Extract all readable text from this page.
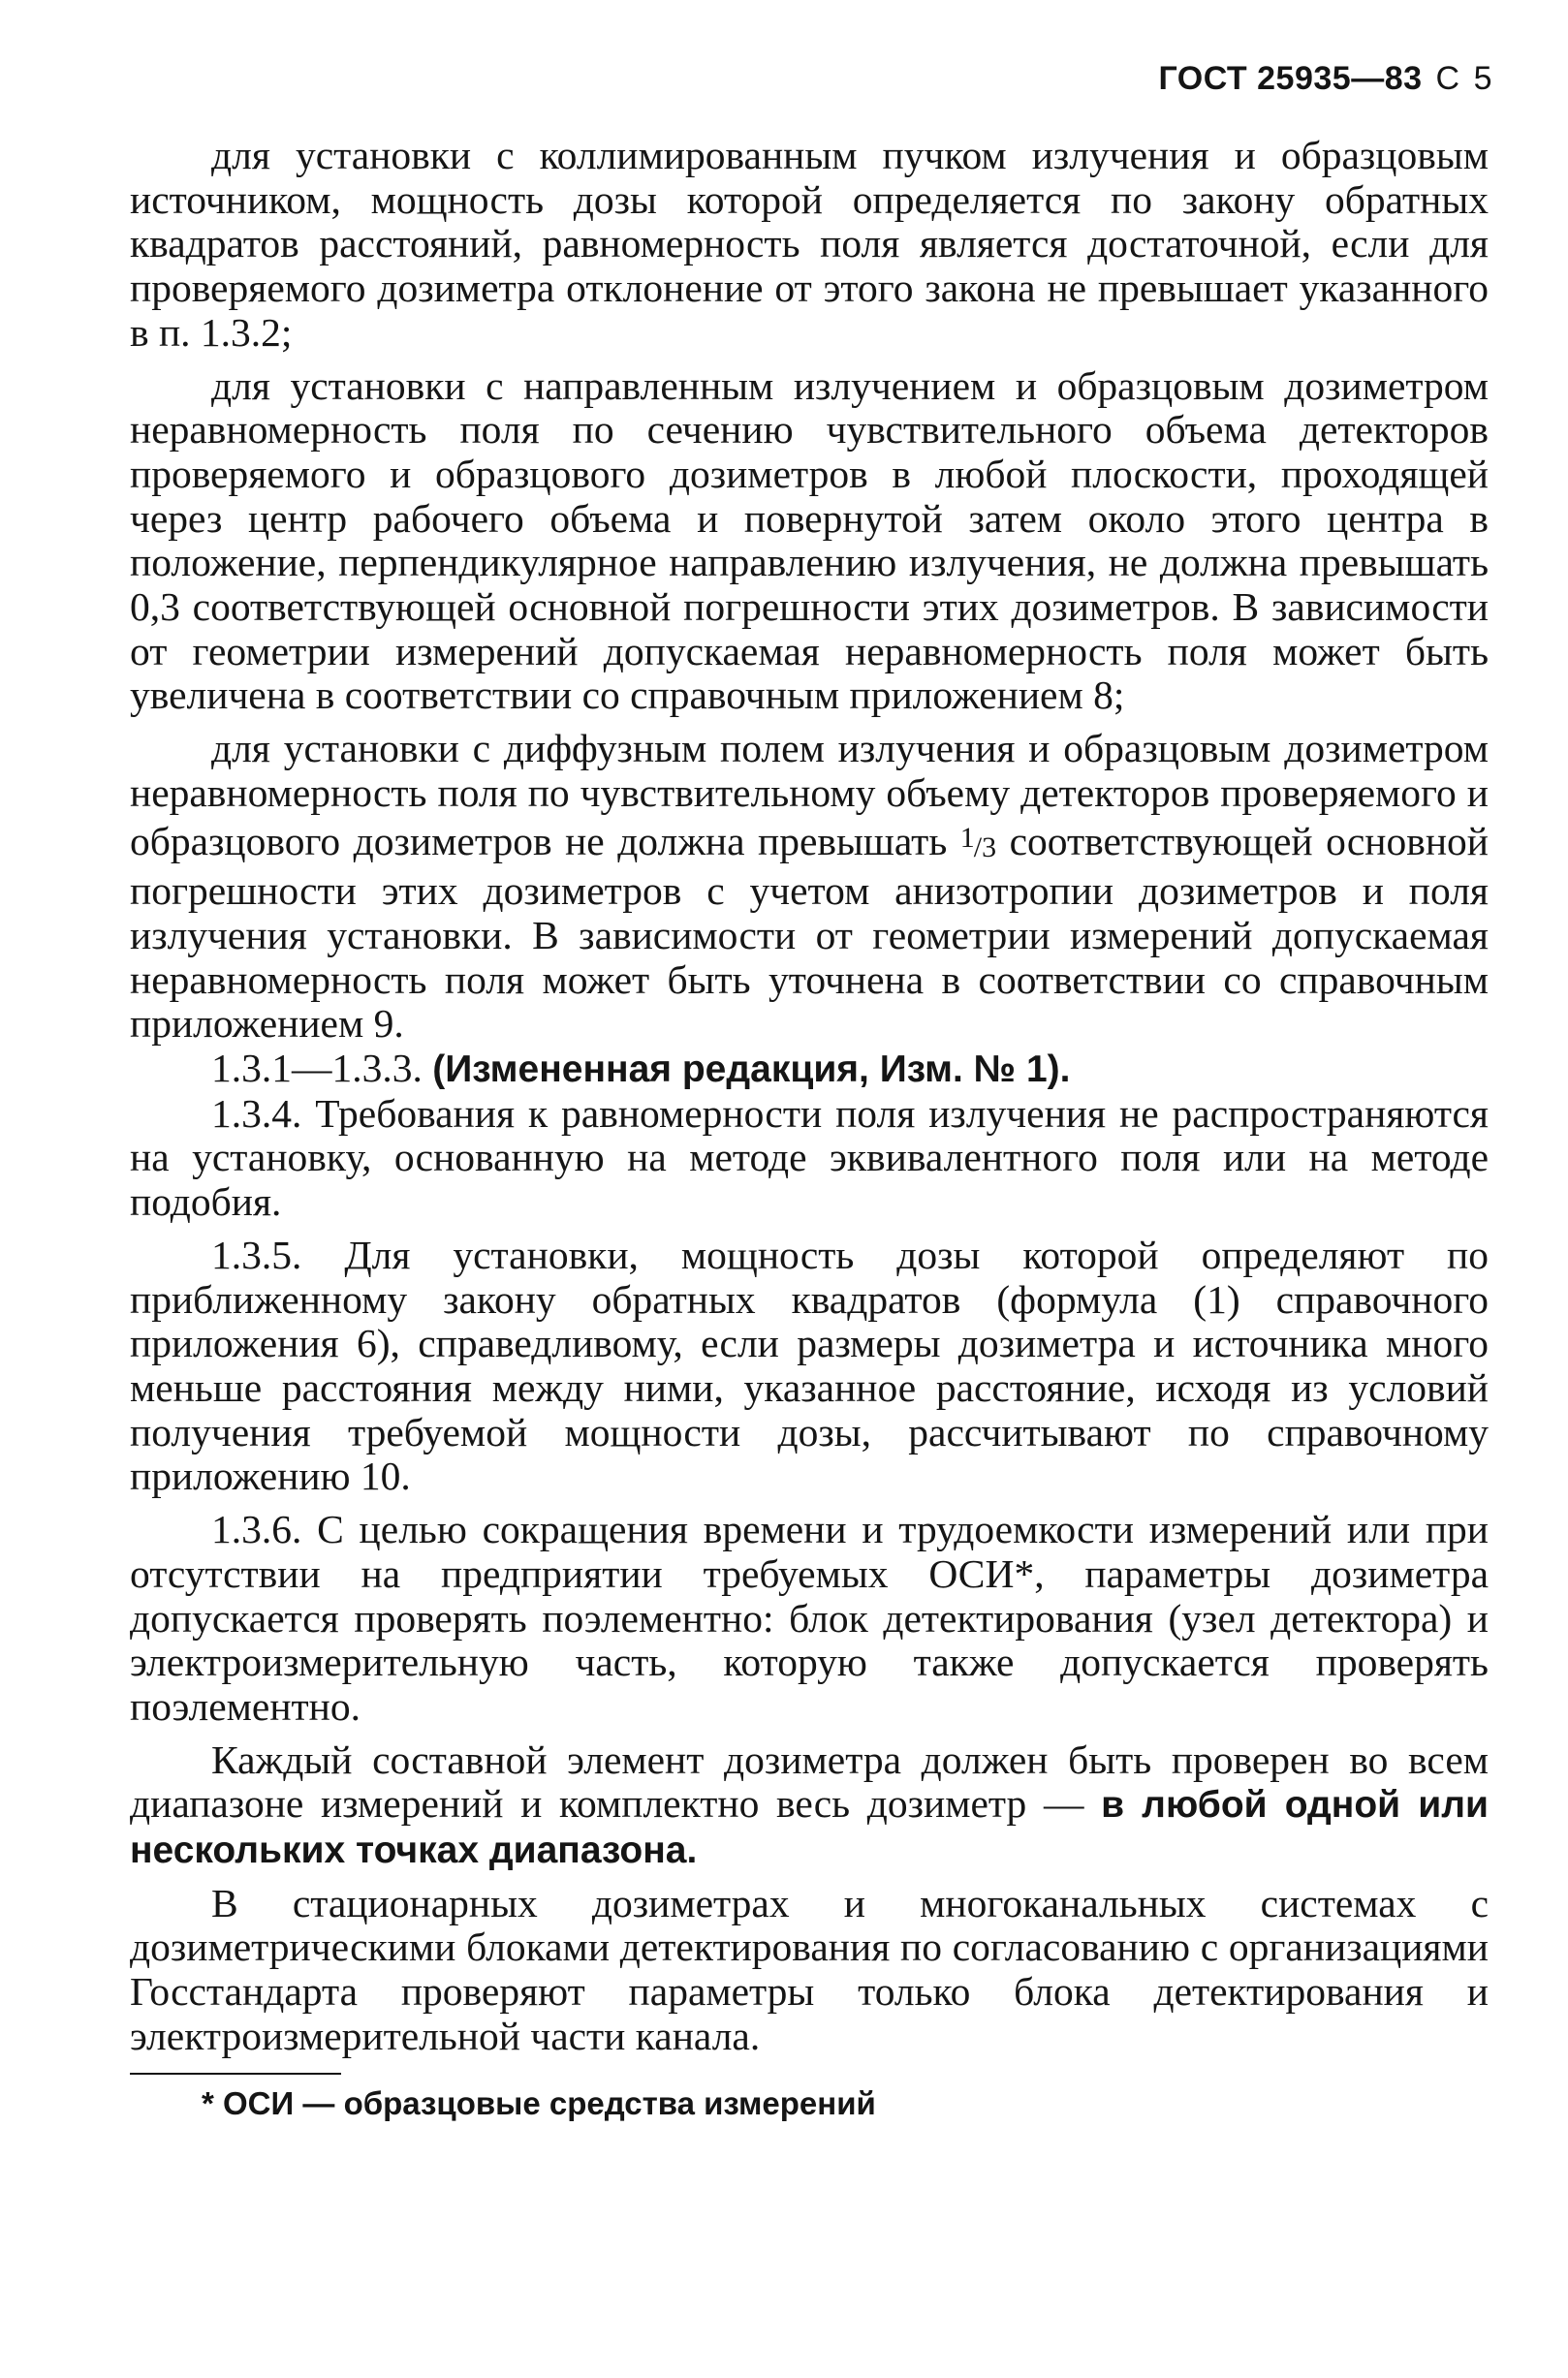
ГОСТ 25935—83 С 5

для установки с коллимированным пучком излучения и образцовым источником, мощность дозы которой определяется по закону обратных квадратов расстояний, равномерность поля является достаточной, если для проверяемого дозиметра отклонение от этого закона не превышает указанного в п. 1.3.2;

для установки с направленным излучением и образцовым дозиметром неравномерность поля по сечению чувствительного объема детекторов проверяемого и образцового дозиметров в любой плоскости, проходящей через центр рабочего объема и повернутой затем около этого центра в положение, перпендикулярное направлению излучения, не должна превышать 0,3 соответствующей основной погрешности этих дозиметров. В зависимости от геометрии измерений допускаемая неравномерность поля может быть увеличена в соответствии со справочным приложением 8;

для установки с диффузным полем излучения и образцовым дозиметром неравномерность поля по чувствительному объему детекторов проверяемого и образцового дозиметров не должна превышать 1/3 соответствующей основной погрешности этих дозиметров с учетом анизотропии дозиметров и поля излучения установки. В зависимости от геометрии измерений допускаемая неравномерность поля может быть уточнена в соответствии со справочным приложением 9.

1.3.1—1.3.3. (Измененная редакция, Изм. № 1).

1.3.4. Требования к равномерности поля излучения не распространяются на установку, основанную на методе эквивалентного поля или на методе подобия.

1.3.5. Для установки, мощность дозы которой определяют по приближенному закону обратных квадратов (формула (1) справочного приложения 6), справедливому, если размеры дозиметра и источника много меньше расстояния между ними, указанное расстояние, исходя из условий получения требуемой мощности дозы, рассчитывают по справочному приложению 10.

1.3.6. С целью сокращения времени и трудоемкости измерений или при отсутствии на предприятии требуемых ОСИ*, параметры дозиметра допускается проверять поэлементно: блок детектирования (узел детектора) и электроизмерительную часть, которую также допускается проверять поэлементно.

Каждый составной элемент дозиметра должен быть проверен во всем диапазоне измерений и комплектно весь дозиметр — в любой одной или нескольких точках диапазона.

В стационарных дозиметрах и многоканальных системах с дозиметрическими блоками детектирования по согласованию с организациями Госстандарта проверяют параметры только блока детектирования и электроизмерительной части канала.

* ОСИ — образцовые средства измерений
